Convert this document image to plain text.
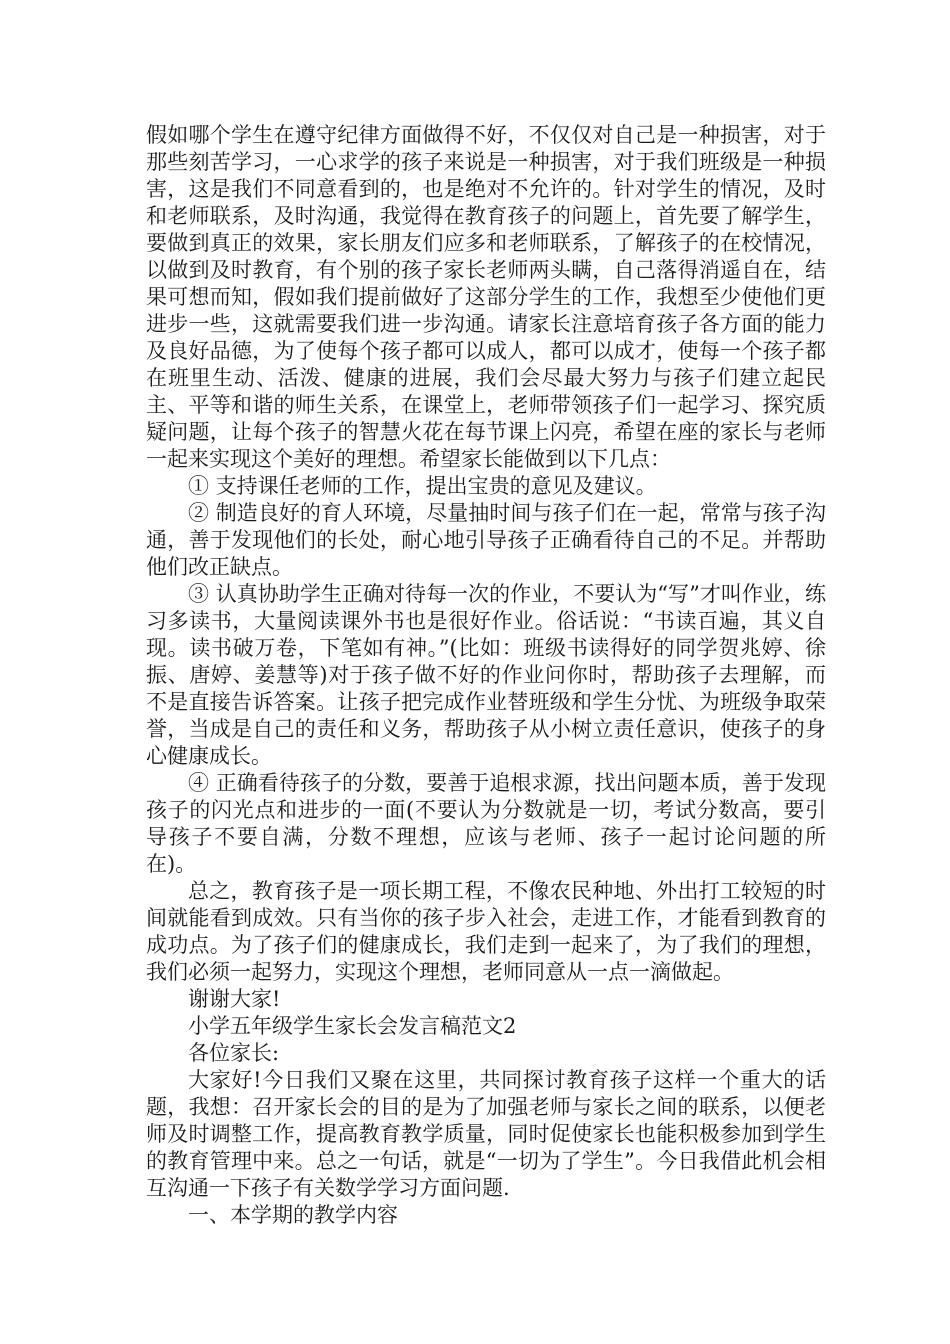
假如哪个学生在遵守纪律方面做得不好，不仅仅对自己是一种损害，对于那些刻苦学习，一心求学的孩子来说是一种损害，对于我们班级是一种损害，这是我们不同意看到的，也是绝对不允许的。针对学生的情况，及时和老师联系，及时沟通，我觉得在教育孩子的问题上，首先要了解学生，要做到真正的效果，家长朋友们应多和老师联系，了解孩子的在校情况，以做到及时教育，有个别的孩子家长老师两头瞒，自己落得消遥自在，结果可想而知，假如我们提前做好了这部分学生的工作，我想至少使他们更进步一些，这就需要我们进一步沟通。请家长注意培育孩子各方面的能力及良好品德，为了使每个孩子都可以成人，都可以成才，使每一个孩子都在班里生动、活泼、健康的进展，我们会尽最大努力与孩子们建立起民主、平等和谐的师生关系，在课堂上，老师带领孩子们一起学习、探究质疑问题，让每个孩子的智慧火花在每节课上闪亮，希望在座的家长与老师一起来实现这个美好的理想。希望家长能做到以下几点：

① 支持课任老师的工作，提出宝贵的意见及建议。

② 制造良好的育人环境，尽量抽时间与孩子们在一起，常常与孩子沟通，善于发现他们的长处，耐心地引导孩子正确看待自己的不足。并帮助他们改正缺点。

③ 认真协助学生正确对待每一次的作业，不要认为“写”才叫作业，练习多读书，大量阅读课外书也是很好作业。俗话说：“书读百遍，其义自现。读书破万卷，下笔如有神。”(比如：班级书读得好的同学贺兆婷、徐振、唐婷、姜慧等)对于孩子做不好的作业问你时，帮助孩子去理解，而不是直接告诉答案。让孩子把完成作业替班级和学生分忧、为班级争取荣誉，当成是自己的责任和义务，帮助孩子从小树立责任意识，使孩子的身心健康成长。

④ 正确看待孩子的分数，要善于追根求源，找出问题本质，善于发现孩子的闪光点和进步的一面(不要认为分数就是一切，考试分数高，要引导孩子不要自满，分数不理想，应该与老师、孩子一起讨论问题的所在)。

总之，教育孩子是一项长期工程，不像农民种地、外出打工较短的时间就能看到成效。只有当你的孩子步入社会，走进工作，才能看到教育的成功点。为了孩子们的健康成长，我们走到一起来了，为了我们的理想，我们必须一起努力，实现这个理想，老师同意从一点一滴做起。

谢谢大家!

小学五年级学生家长会发言稿范文2

各位家长:

大家好!今日我们又聚在这里，共同探讨教育孩子这样一个重大的话题，我想：召开家长会的目的是为了加强老师与家长之间的联系，以便老师及时调整工作，提高教育教学质量，同时促使家长也能积极参加到学生的教育管理中来。总之一句话，就是“一切为了学生”。今日我借此机会相互沟通一下孩子有关数学学习方面问题.

一、本学期的教学内容
